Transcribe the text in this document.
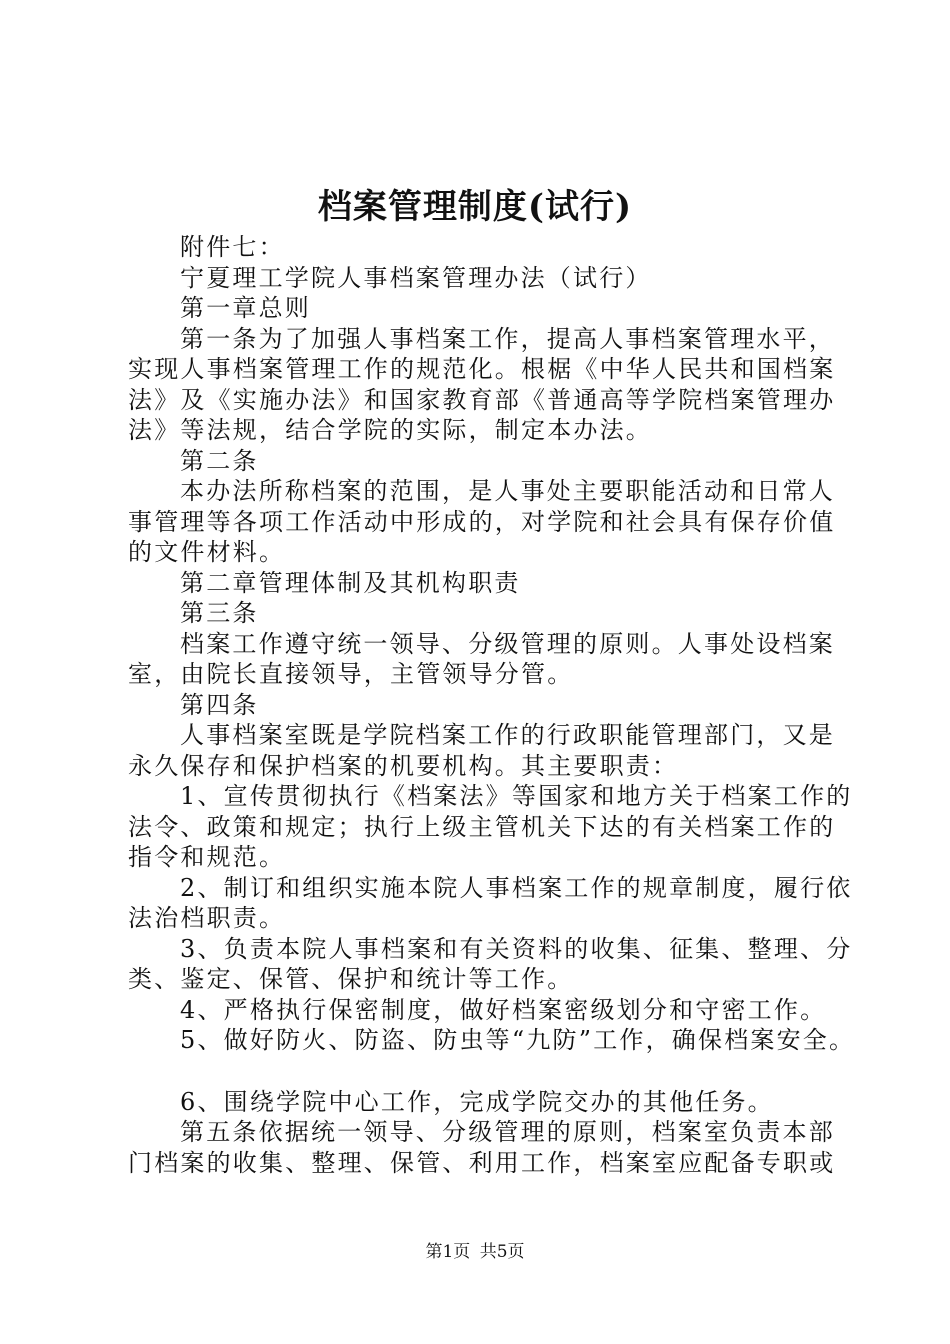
档案管理制度(试行)

附件七：

宁夏理工学院人事档案管理办法（试行）

第一章总则

第一条为了加强人事档案工作，提高人事档案管理水平，

实现人事档案管理工作的规范化。根椐《中华人民共和国档案

法》及《实施办法》和国家教育部《普通高等学院档案管理办

法》等法规，结合学院的实际，制定本办法。

第二条

本办法所称档案的范围，是人事处主要职能活动和日常人

事管理等各项工作活动中形成的，对学院和社会具有保存价值

的文件材料。

第二章管理体制及其机构职责

第三条

档案工作遵守统一领导、分级管理的原则。人事处设档案

室，由院长直接领导，主管领导分管。

第四条

人事档案室既是学院档案工作的行政职能管理部门，又是

永久保存和保护档案的机要机构。其主要职责：

1、宣传贯彻执行《档案法》等国家和地方关于档案工作的

法令、政策和规定；执行上级主管机关下达的有关档案工作的

指令和规范。

2、制订和组织实施本院人事档案工作的规章制度，履行依

法治档职责。

3、负责本院人事档案和有关资料的收集、征集、整理、分

类、鉴定、保管、保护和统计等工作。

4、严格执行保密制度，做好档案密级划分和守密工作。

5、做好防火、防盗、防虫等“九防”工作，确保档案安全。

6、围绕学院中心工作，完成学院交办的其他任务。

第五条依据统一领导、分级管理的原则，档案室负责本部

门档案的收集、整理、保管、利用工作，档案室应配备专职或

第1页 共5页
